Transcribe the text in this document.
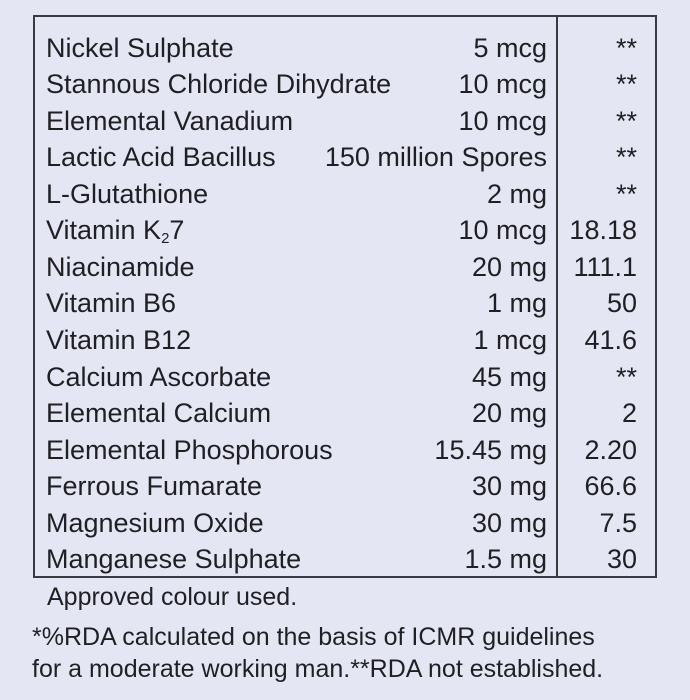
Nickel Sulphate	5 mcg	**
Stannous Chloride Dihydrate 10 mcg	**
Elemental Vanadium	10 mcg	**
Lactic Acid Bacillus 150 million Spores	**
L-Glutathione	2 mg	**
Vitamin $K_27$	10 mcg 18.18
Niacinamide	20 mg 111.1
Vitamin B6	1 mg 50
Vitamin B12	1 mcg 41.6
Calcium Ascorbate	45 mg	**
Elemental Calcium	20 mg	2
Elemental Phosphorous	15.45 mg 2.20
Ferrous Fumarate	30 mg 66.6
Magnesium Oxide	30 mg 7.5
Manganese Sulphate	1.5 mg 30
Approved colour used.
*%RDA calculated on the basis of ICMR guidelines
for a moderate working man.**RDA not established.
